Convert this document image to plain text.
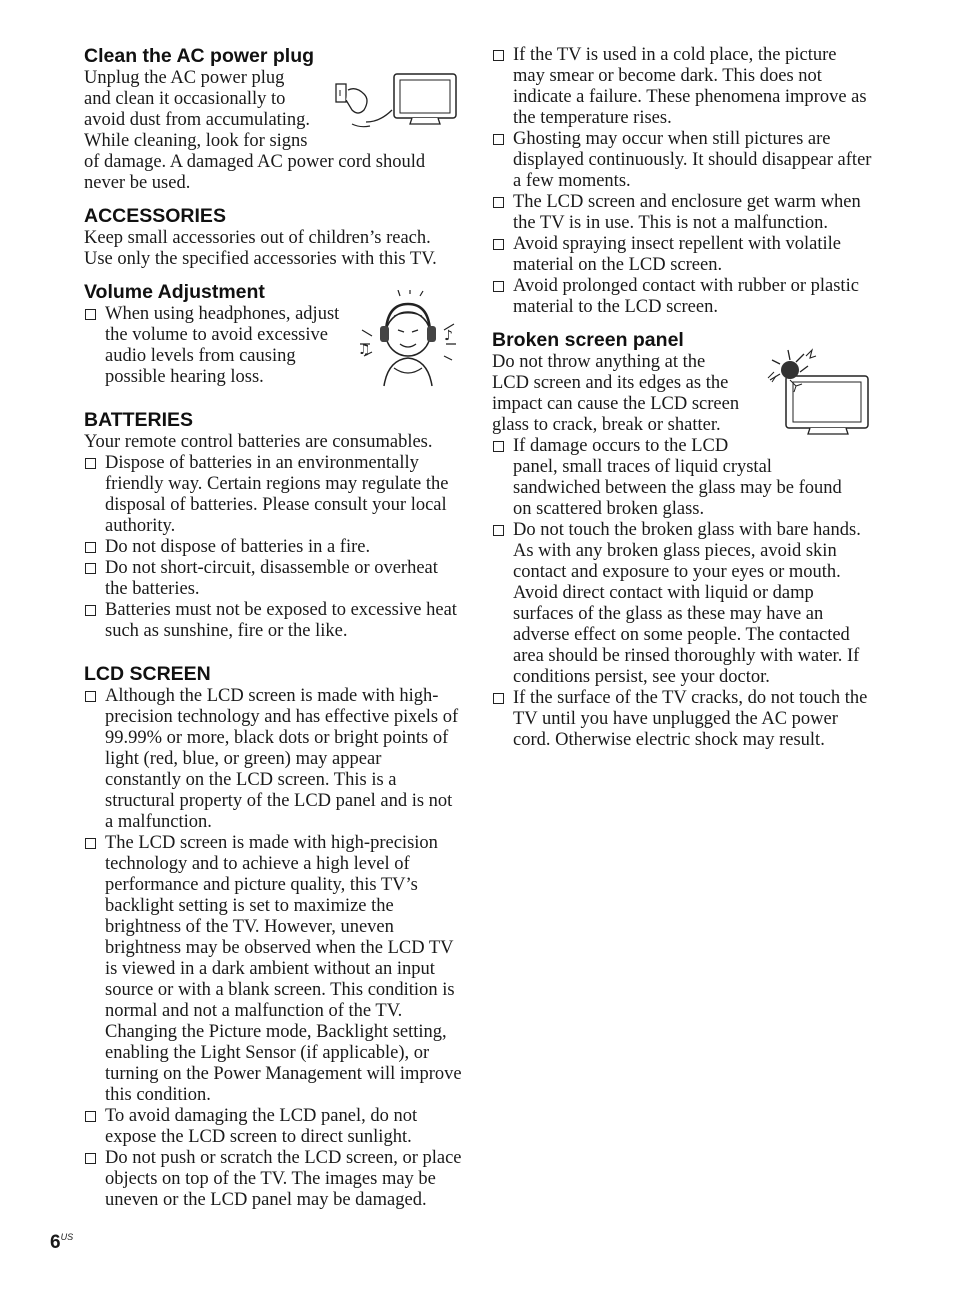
Clean the AC power plug

Unplug the AC power plug

and clean it occasionally to

avoid dust from accumulating.

While cleaning, look for signs

of damage. A damaged AC power cord should never be used.

ACCESSORIES

Keep small accessories out of children’s reach. Use only the specified accessories with this TV.

Volume Adjustment
♪
♫
When using headphones, adjust the volume to avoid excessive audio levels from causing possible hearing loss.
BATTERIES

Your remote control batteries are consumables.

Dispose of batteries in an environmentally friendly way. Certain regions may regulate the disposal of batteries. Please consult your local authority.
Do not dispose of batteries in a fire.
Do not short-circuit, disassemble or overheat the batteries.
Batteries must not be exposed to excessive heat such as sunshine, fire or the like.
LCD SCREEN
Although the LCD screen is made with high-precision technology and has effective pixels of 99.99% or more, black dots or bright points of light (red, blue, or green) may appear constantly on the LCD screen. This is a structural property of the LCD panel and is not a malfunction.
The LCD screen is made with high-precision technology and to achieve a high level of performance and picture quality, this TV’s backlight setting is set to maximize the brightness of the TV. However, uneven brightness may be observed when the LCD TV is viewed in a dark ambient without an input source or with a blank screen. This condition is normal and not a malfunction of the TV. Changing the Picture mode, Backlight setting, enabling the Light Sensor (if applicable), or turning on the Power Management will improve this condition.
To avoid damaging the LCD panel, do not expose the LCD screen to direct sunlight.
Do not push or scratch the LCD screen, or place objects on top of the TV. The images may be uneven or the LCD panel may be damaged.
If the TV is used in a cold place, the picture may smear or become dark. This does not indicate a failure. These phenomena improve as the temperature rises.
Ghosting may occur when still pictures are displayed continuously. It should disappear after a few moments.
The LCD screen and enclosure get warm when the TV is in use. This is not a malfunction.
Avoid spraying insect repellent with volatile material on the LCD screen.
Avoid prolonged contact with rubber or plastic material to the LCD screen.
Broken screen panel

Do not throw anything at the

LCD screen and its edges as the

impact can cause the LCD screen

glass to crack, break or shatter.

If damage occurs to the LCD
panel, small traces of liquid crystal
sandwiched between the glass may be found
on scattered broken glass.
Do not touch the broken glass with bare hands. As with any broken glass pieces, avoid skin contact and exposure to your eyes or mouth. Avoid direct contact with liquid or damp surfaces of the glass as these may have an adverse effect on some people. The contacted area should be rinsed thoroughly with water. If conditions persist, see your doctor.
If the surface of the TV cracks, do not touch the TV until you have unplugged the AC power cord. Otherwise electric shock may result.
$6^{US}$
